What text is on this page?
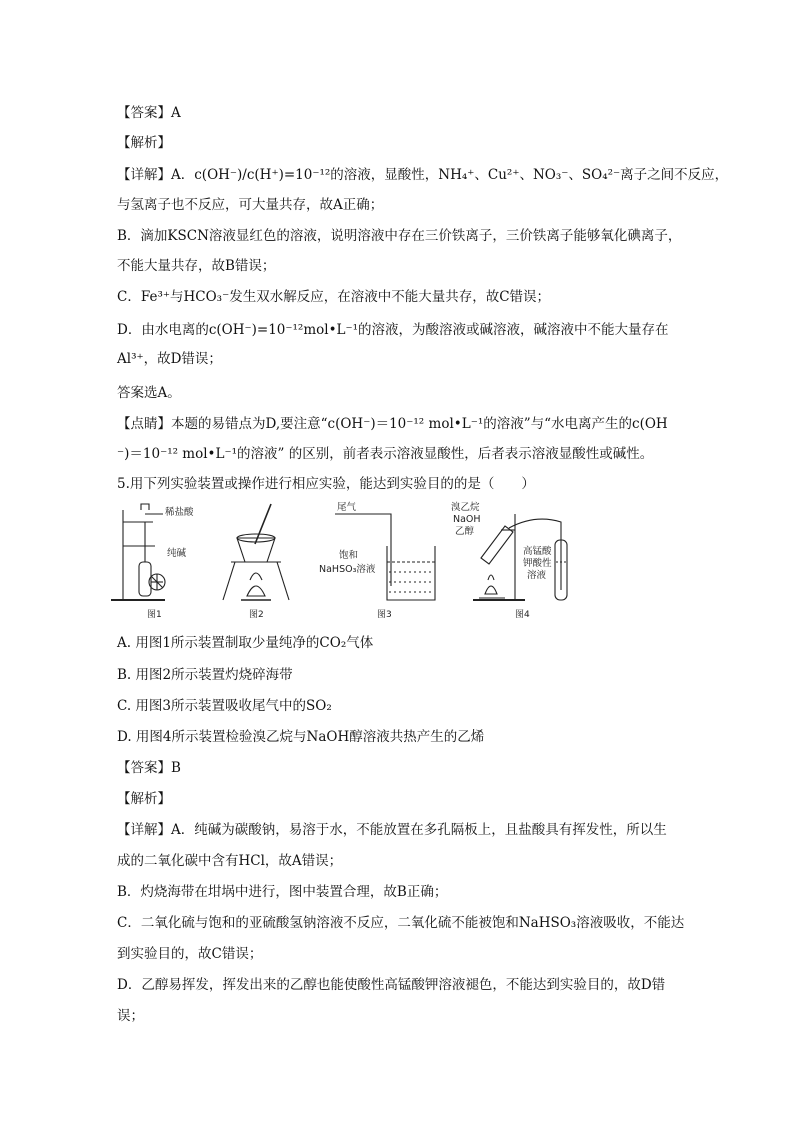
【答案】A
【解析】
【详解】A．c(OH⁻)/c(H⁺)=10⁻¹²的溶液，显酸性，NH₄⁺、Cu²⁺、NO₃⁻、SO₄²⁻离子之间不反应，
与氢离子也不反应，可大量共存，故A正确；
B．滴加KSCN溶液显红色的溶液，说明溶液中存在三价铁离子，三价铁离子能够氧化碘离子，
不能大量共存，故B错误；
C．Fe³⁺与HCO₃⁻发生双水解反应，在溶液中不能大量共存，故C错误；
D．由水电离的c(OH⁻)=10⁻¹²mol•L⁻¹的溶液，为酸溶液或碱溶液，碱溶液中不能大量存在
Al³⁺，故D错误；
答案选A。
【点睛】本题的易错点为D,要注意“c(OH⁻)＝10⁻¹² mol•L⁻¹的溶液”与“水电离产生的c(OH
⁻)＝10⁻¹² mol•L⁻¹的溶液” 的区别，前者表示溶液显酸性，后者表示溶液显酸性或碱性。
5.用下列实验装置或操作进行相应实验，能达到实验目的的是（　　）
稀盐酸
纯碱
图1	图2
尾气
饱和
NaHSO₃溶液
图3
溴乙烷
NaOH
乙醇
高锰酸
钾酸性
溶液
图4
A. 用图1所示装置制取少量纯净的CO₂气体
B. 用图2所示装置灼烧碎海带
C. 用图3所示装置吸收尾气中的SO₂
D. 用图4所示装置检验溴乙烷与NaOH醇溶液共热产生的乙烯
【答案】B
【解析】
【详解】A．纯碱为碳酸钠，易溶于水，不能放置在多孔隔板上，且盐酸具有挥发性，所以生
成的二氧化碳中含有HCl，故A错误；
B．灼烧海带在坩埚中进行，图中装置合理，故B正确；
C．二氧化硫与饱和的亚硫酸氢钠溶液不反应，二氧化硫不能被饱和NaHSO₃溶液吸收，不能达
到实验目的，故C错误；
D．乙醇易挥发，挥发出来的乙醇也能使酸性高锰酸钾溶液褪色，不能达到实验目的，故D错
误；
